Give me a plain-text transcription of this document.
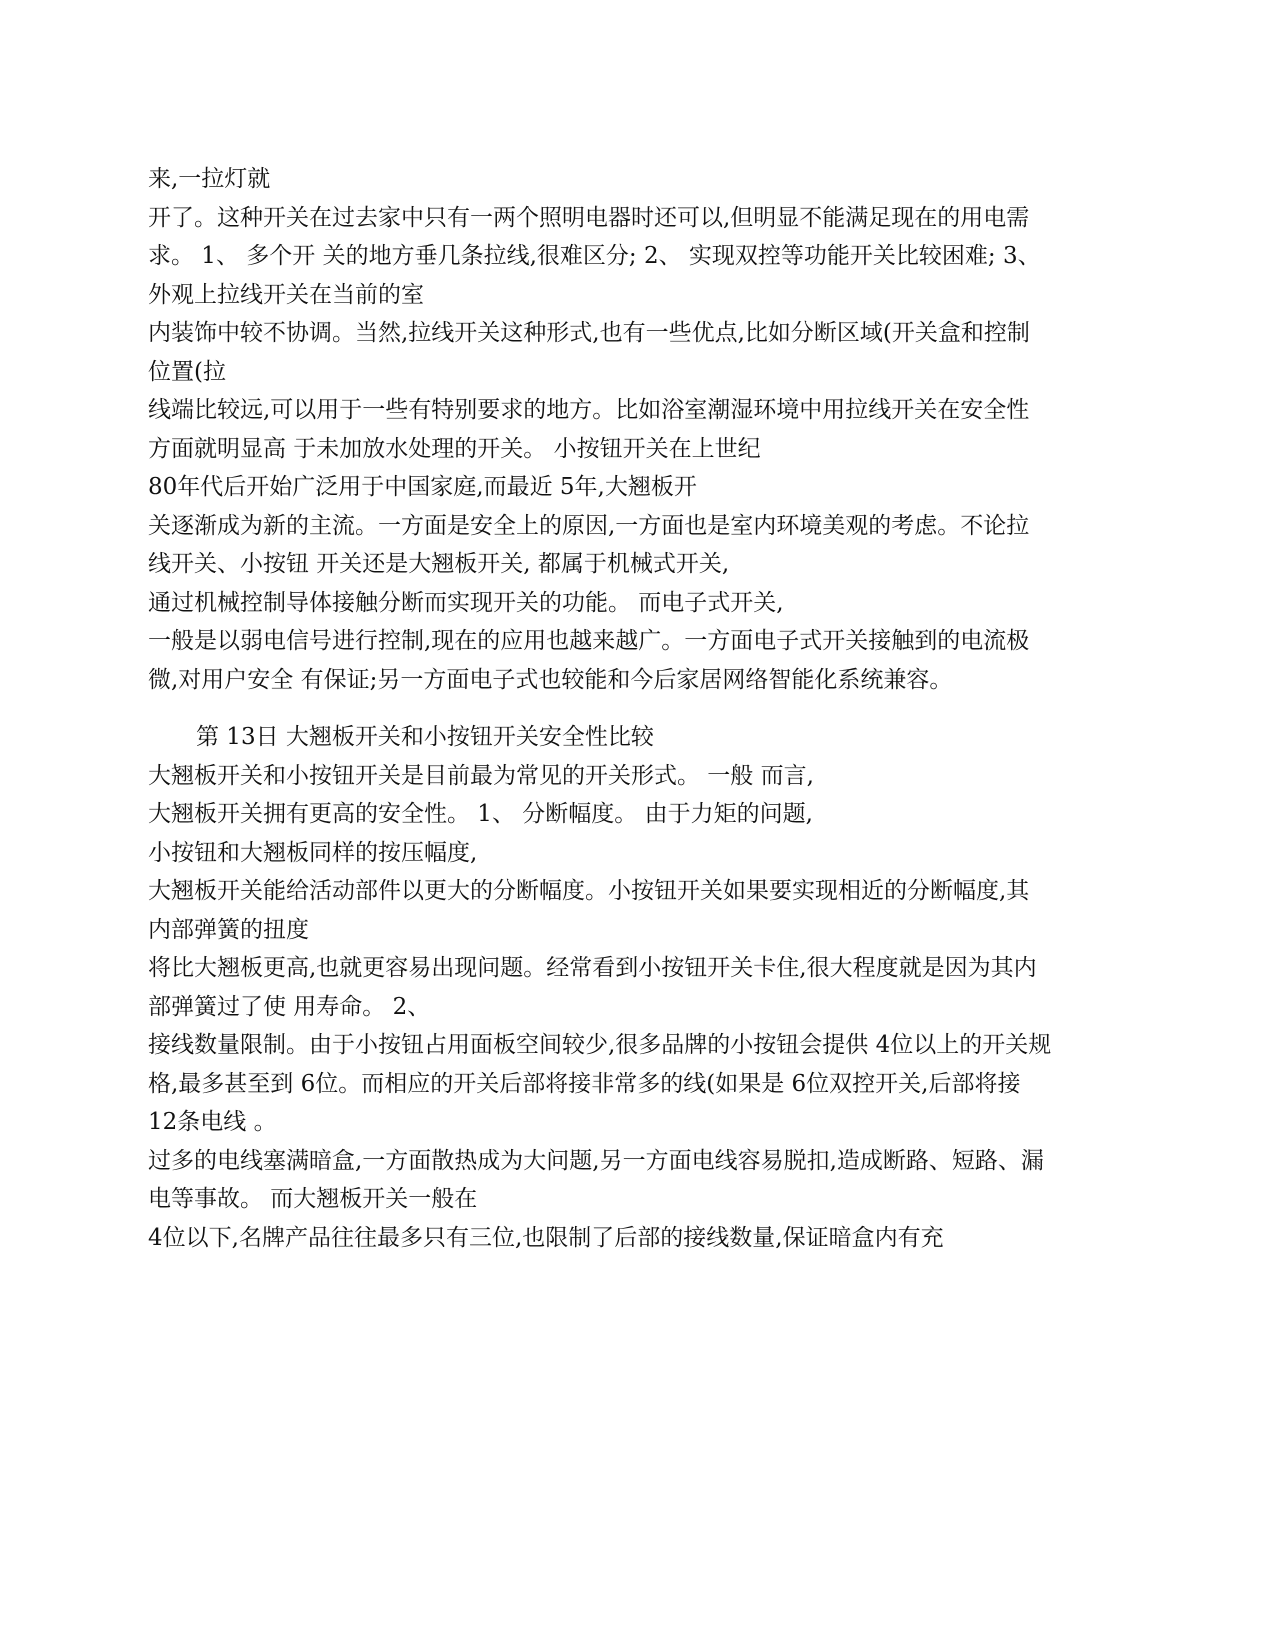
来,一拉灯就
开了。这种开关在过去家中只有一两个照明电器时还可以,但明显不能满足现在的用电需
求。 1、 多个开 关的地方垂几条拉线,很难区分; 2、 实现双控等功能开关比较困难; 3、
外观上拉线开关在当前的室
内装饰中较不协调。当然,拉线开关这种形式,也有一些优点,比如分断区域(开关盒和控制
位置(拉
线端比较远,可以用于一些有特别要求的地方。比如浴室潮湿环境中用拉线开关在安全性
方面就明显高 于未加放水处理的开关。 小按钮开关在上世纪
80年代后开始广泛用于中国家庭,而最近 5年,大翘板开
关逐渐成为新的主流。一方面是安全上的原因,一方面也是室内环境美观的考虑。不论拉
线开关、小按钮 开关还是大翘板开关, 都属于机械式开关,
通过机械控制导体接触分断而实现开关的功能。 而电子式开关,
一般是以弱电信号进行控制,现在的应用也越来越广。一方面电子式开关接触到的电流极
微,对用户安全 有保证;另一方面电子式也较能和今后家居网络智能化系统兼容。
第 13日 大翘板开关和小按钮开关安全性比较
大翘板开关和小按钮开关是目前最为常见的开关形式。 一般 而言,
大翘板开关拥有更高的安全性。 1、 分断幅度。 由于力矩的问题,
小按钮和大翘板同样的按压幅度,
大翘板开关能给活动部件以更大的分断幅度。小按钮开关如果要实现相近的分断幅度,其
内部弹簧的扭度
将比大翘板更高,也就更容易出现问题。经常看到小按钮开关卡住,很大程度就是因为其内
部弹簧过了使 用寿命。 2、
接线数量限制。由于小按钮占用面板空间较少,很多品牌的小按钮会提供 4位以上的开关规
格,最多甚至到 6位。而相应的开关后部将接非常多的线(如果是 6位双控开关,后部将接
12条电线 。
过多的电线塞满暗盒,一方面散热成为大问题,另一方面电线容易脱扣,造成断路、短路、漏
电等事故。 而大翘板开关一般在
4位以下,名牌产品往往最多只有三位,也限制了后部的接线数量,保证暗盒内有充
